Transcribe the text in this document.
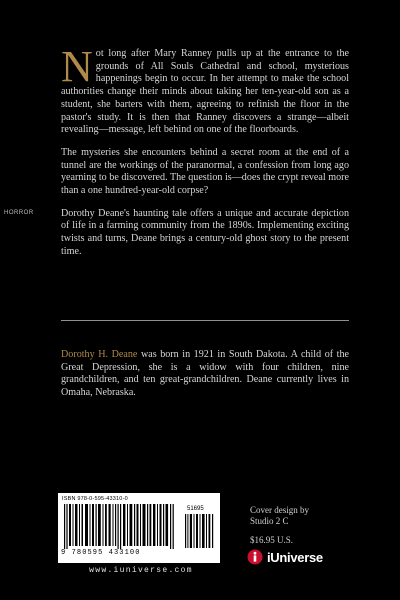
HORROR

Not long after Mary Ranney pulls up at the entrance to the grounds of All Souls Cathedral and school, mysterious happenings begin to occur. In her attempt to make the school authorities change their minds about taking her ten-year-old son as a student, she barters with them, agreeing to refinish the floor in the pastor's study. It is then that Ranney discovers a strange—albeit revealing—message, left behind on one of the floorboards.

The mysteries she encounters behind a secret room at the end of a tunnel are the workings of the paranormal, a confession from long ago yearning to be discovered. The question is—does the crypt reveal more than a one hundred-year-old corpse?

Dorothy Deane's haunting tale offers a unique and accurate depiction of life in a farming community from the 1890s. Implementing exciting twists and turns, Deane brings a century-old ghost story to the present time.

Dorothy H. Deane was born in 1921 in South Dakota. A child of the Great Depression, she is a widow with four children, nine grandchildren, and ten great-grandchildren. Deane currently lives in Omaha, Nebraska.

ISBN 978-0-595-43310-0
51695
9 780595 433100
www.iuniverse.com
Cover design by
Studio 2 C
$16.95 U.S.
iUniverse
